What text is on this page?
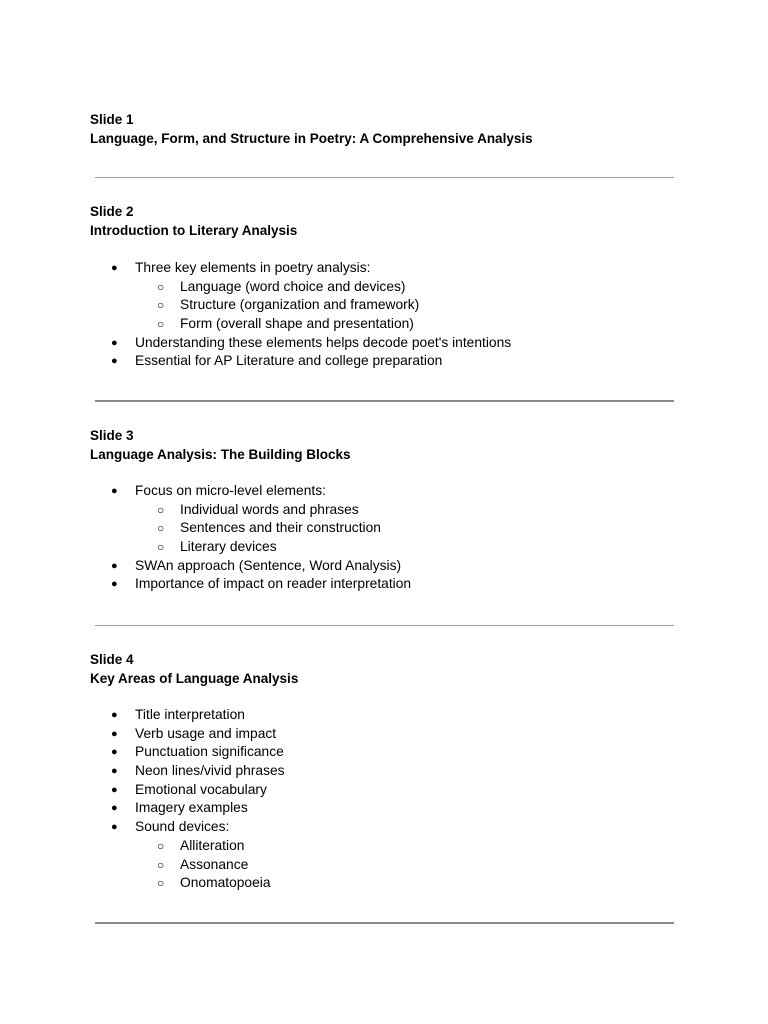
Slide 1
Language, Form, and Structure in Poetry: A Comprehensive Analysis
Slide 2
Introduction to Literary Analysis
● Three key elements in poetry analysis:
○ Language (word choice and devices)
○ Structure (organization and framework)
○ Form (overall shape and presentation)
● Understanding these elements helps decode poet's intentions
● Essential for AP Literature and college preparation
Slide 3
Language Analysis: The Building Blocks
● Focus on micro-level elements:
○ Individual words and phrases
○ Sentences and their construction
○ Literary devices
● SWAn approach (Sentence, Word Analysis)
● Importance of impact on reader interpretation
Slide 4
Key Areas of Language Analysis
● Title interpretation
● Verb usage and impact
● Punctuation significance
● Neon lines/vivid phrases
● Emotional vocabulary
● Imagery examples
● Sound devices:
○ Alliteration
○ Assonance
○ Onomatopoeia
